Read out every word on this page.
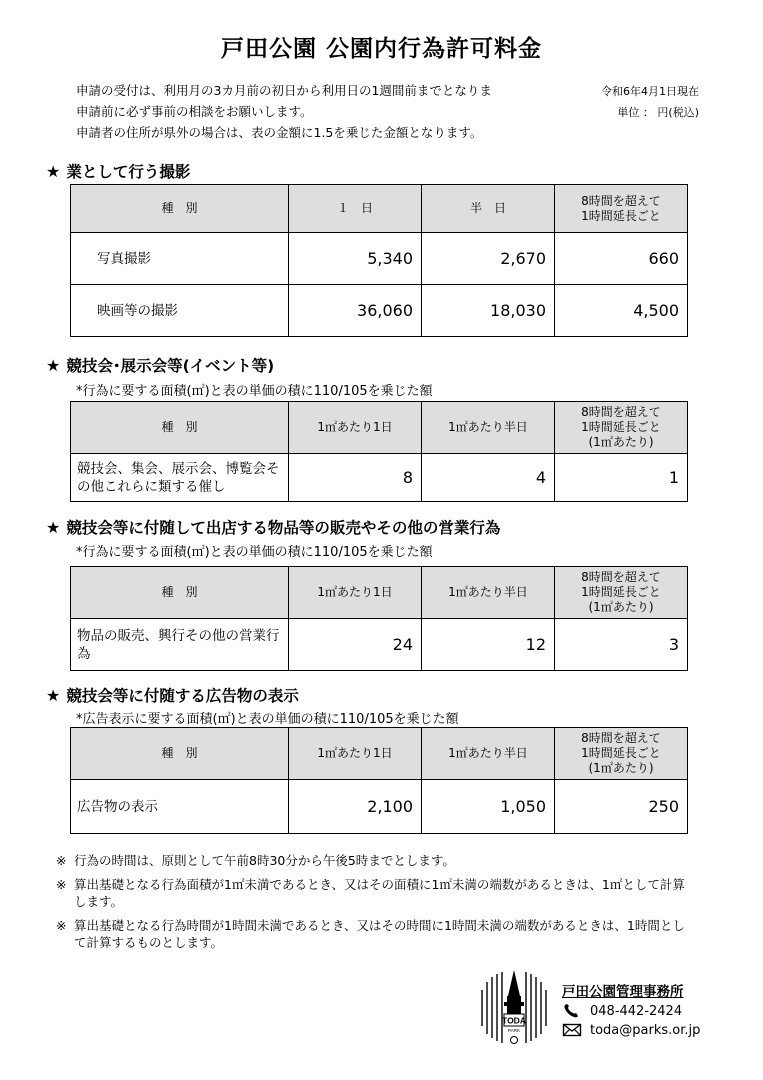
戸田公園 公園内行為許可料金
申請の受付は、利用月の3カ月前の初日から利用日の1週間前までとなりま
申請前に必ず事前の相談をお願いします。
申請者の住所が県外の場合は、表の金額に1.5を乗じた金額となります。
令和6年4月1日現在
単位 ： 円(税込)
★ 業として行う撮影
種　別	１　日	半　日	8時間を超えて
1時間延長ごと
写真撮影	5,340	2,670	660
映画等の撮影	36,060	18,030	4,500
★ 競技会･展示会等(イベント等)
*行為に要する面積(㎡)と表の単価の積に110/105を乗じた額
種　別	1㎡あたり1日	1㎡あたり半日	8時間を超えて
1時間延長ごと
(1㎡あたり)
競技会、集会、展示会、博覧会その他これらに類する催し	8	4	1
★ 競技会等に付随して出店する物品等の販売やその他の営業行為
*行為に要する面積(㎡)と表の単価の積に110/105を乗じた額
種　別	1㎡あたり1日	1㎡あたり半日	8時間を超えて
1時間延長ごと
(1㎡あたり)
物品の販売、興行その他の営業行為	24	12	3
★ 競技会等に付随する広告物の表示
*広告表示に要する面積(㎡)と表の単価の積に110/105を乗じた額
種　別	1㎡あたり1日	1㎡あたり半日	8時間を超えて
1時間延長ごと
(1㎡あたり)
広告物の表示	2,100	1,050	250
※ 行為の時間は、原則として午前8時30分から午後5時までとします。
※ 算出基礎となる行為面積が1㎡未満であるとき、又はその面積に1㎡未満の端数があるときは、1㎡として計算します。
※ 算出基礎となる行為時間が1時間未満であるとき、又はその時間に1時間未満の端数があるときは、1時間として計算するものとします。
TODA
PARK
戸田公園管理事務所
048-442-2424
toda@parks.or.jp
